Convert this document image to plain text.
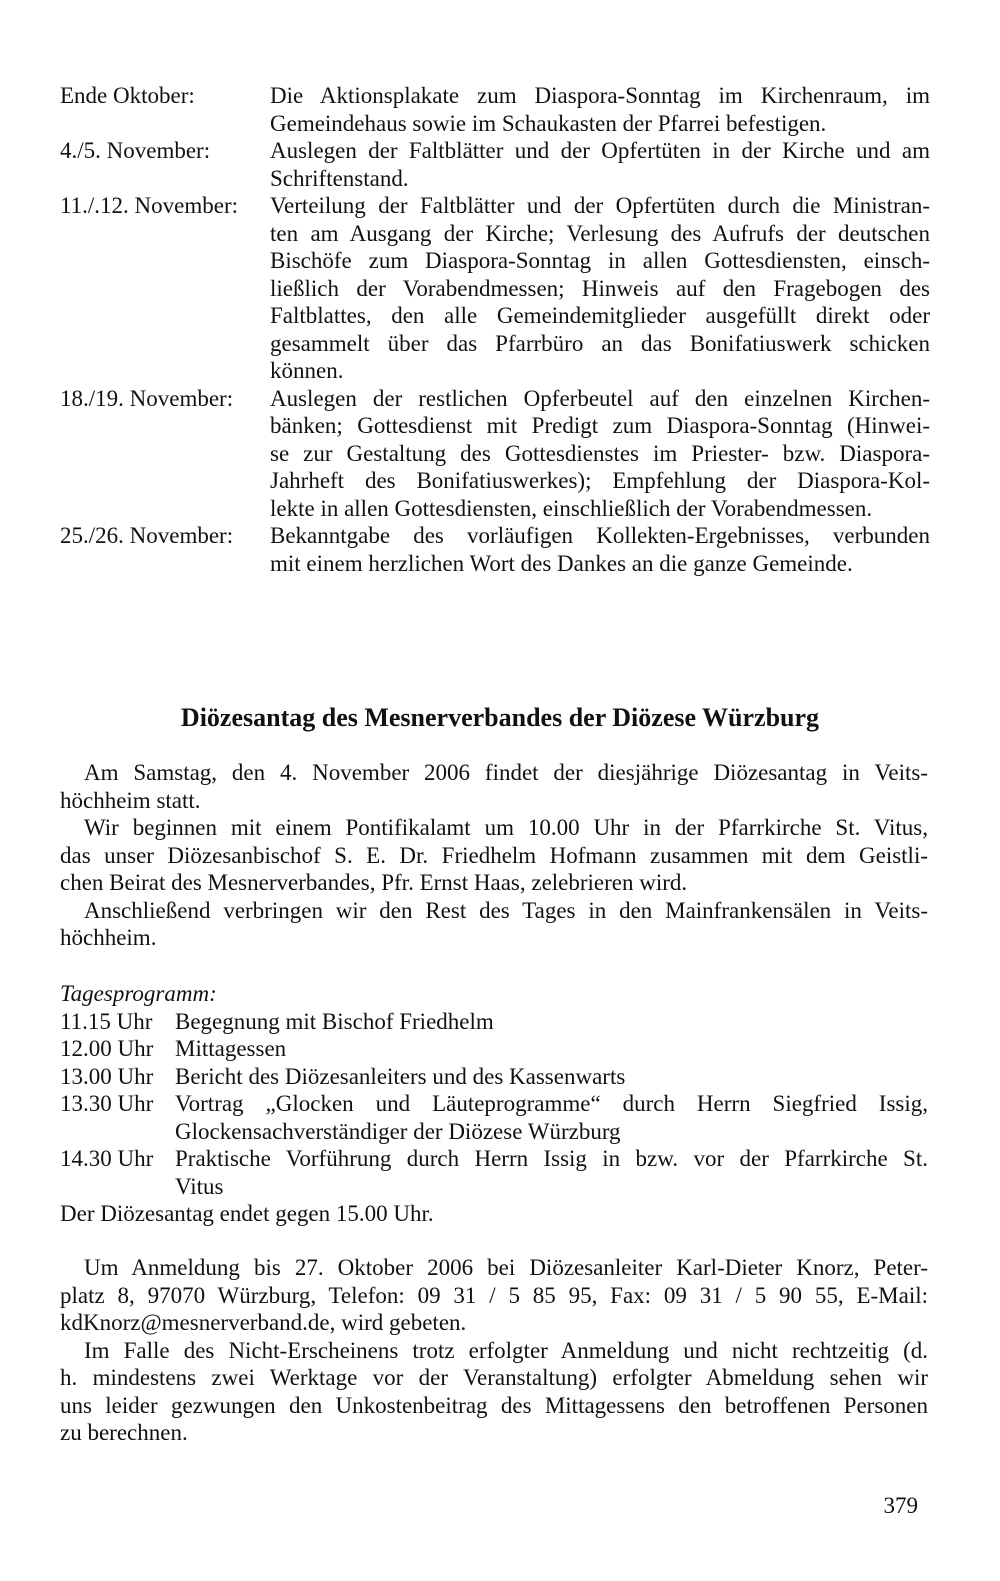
Ende Oktober:	Die Aktionsplakate zum Diaspora-Sonntag im Kirchenraum, im
Gemeindehaus sowie im Schaukasten der Pfarrei befestigen.
4./5. November:	Auslegen der Faltblätter und der Opfertüten in der Kirche und am
Schriftenstand.
11./.12. November:	Verteilung der Faltblätter und der Opfertüten durch die Ministran-
ten am Ausgang der Kirche; Verlesung des Aufrufs der deutschen
Bischöfe zum Diaspora-Sonntag in allen Gottesdiensten, einsch-
ließlich der Vorabendmessen; Hinweis auf den Fragebogen des
Faltblattes, den alle Gemeindemitglieder ausgefüllt direkt oder
gesammelt über das Pfarrbüro an das Bonifatiuswerk schicken
können.
18./19. November:	Auslegen der restlichen Opferbeutel auf den einzelnen Kirchen-
bänken; Gottesdienst mit Predigt zum Diaspora-Sonntag (Hinwei-
se zur Gestaltung des Gottesdienstes im Priester- bzw. Diaspora-
Jahrheft des Bonifatiuswerkes); Empfehlung der Diaspora-Kol-
lekte in allen Gottesdiensten, einschließlich der Vorabendmessen.
25./26. November:	Bekanntgabe des vorläufigen Kollekten-Ergebnisses, verbunden
mit einem herzlichen Wort des Dankes an die ganze Gemeinde.
Diözesantag des Mesnerverbandes der Diözese Würzburg
Am Samstag, den 4. November 2006 findet der diesjährige Diözesantag in Veits-
höchheim statt.
Wir beginnen mit einem Pontifikalamt um 10.00 Uhr in der Pfarrkirche St. Vitus,
das unser Diözesanbischof S. E. Dr. Friedhelm Hofmann zusammen mit dem Geistli-
chen Beirat des Mesnerverbandes, Pfr. Ernst Haas, zelebrieren wird.
Anschließend verbringen wir den Rest des Tages in den Mainfrankensälen in Veits-
höchheim.
Tagesprogramm:
11.15 Uhr Begegnung mit Bischof Friedhelm
12.00 Uhr Mittagessen
13.00 Uhr Bericht des Diözesanleiters und des Kassenwarts
13.30 Uhr Vortrag „Glocken und Läuteprogramme“ durch Herrn Siegfried Issig,
Glockensachverständiger der Diözese Würzburg
14.30 Uhr Praktische Vorführung durch Herrn Issig in bzw. vor der Pfarrkirche St.
Vitus
Der Diözesantag endet gegen 15.00 Uhr.
Um Anmeldung bis 27. Oktober 2006 bei Diözesanleiter Karl-Dieter Knorz, Peter-
platz 8, 97070 Würzburg, Telefon: 09 31 / 5 85 95, Fax: 09 31 / 5 90 55, E-Mail:
kdKnorz@mesnerverband.de, wird gebeten.
Im Falle des Nicht-Erscheinens trotz erfolgter Anmeldung und nicht rechtzeitig (d.
h. mindestens zwei Werktage vor der Veranstaltung) erfolgter Abmeldung sehen wir
uns leider gezwungen den Unkostenbeitrag des Mittagessens den betroffenen Personen
zu berechnen.
379
